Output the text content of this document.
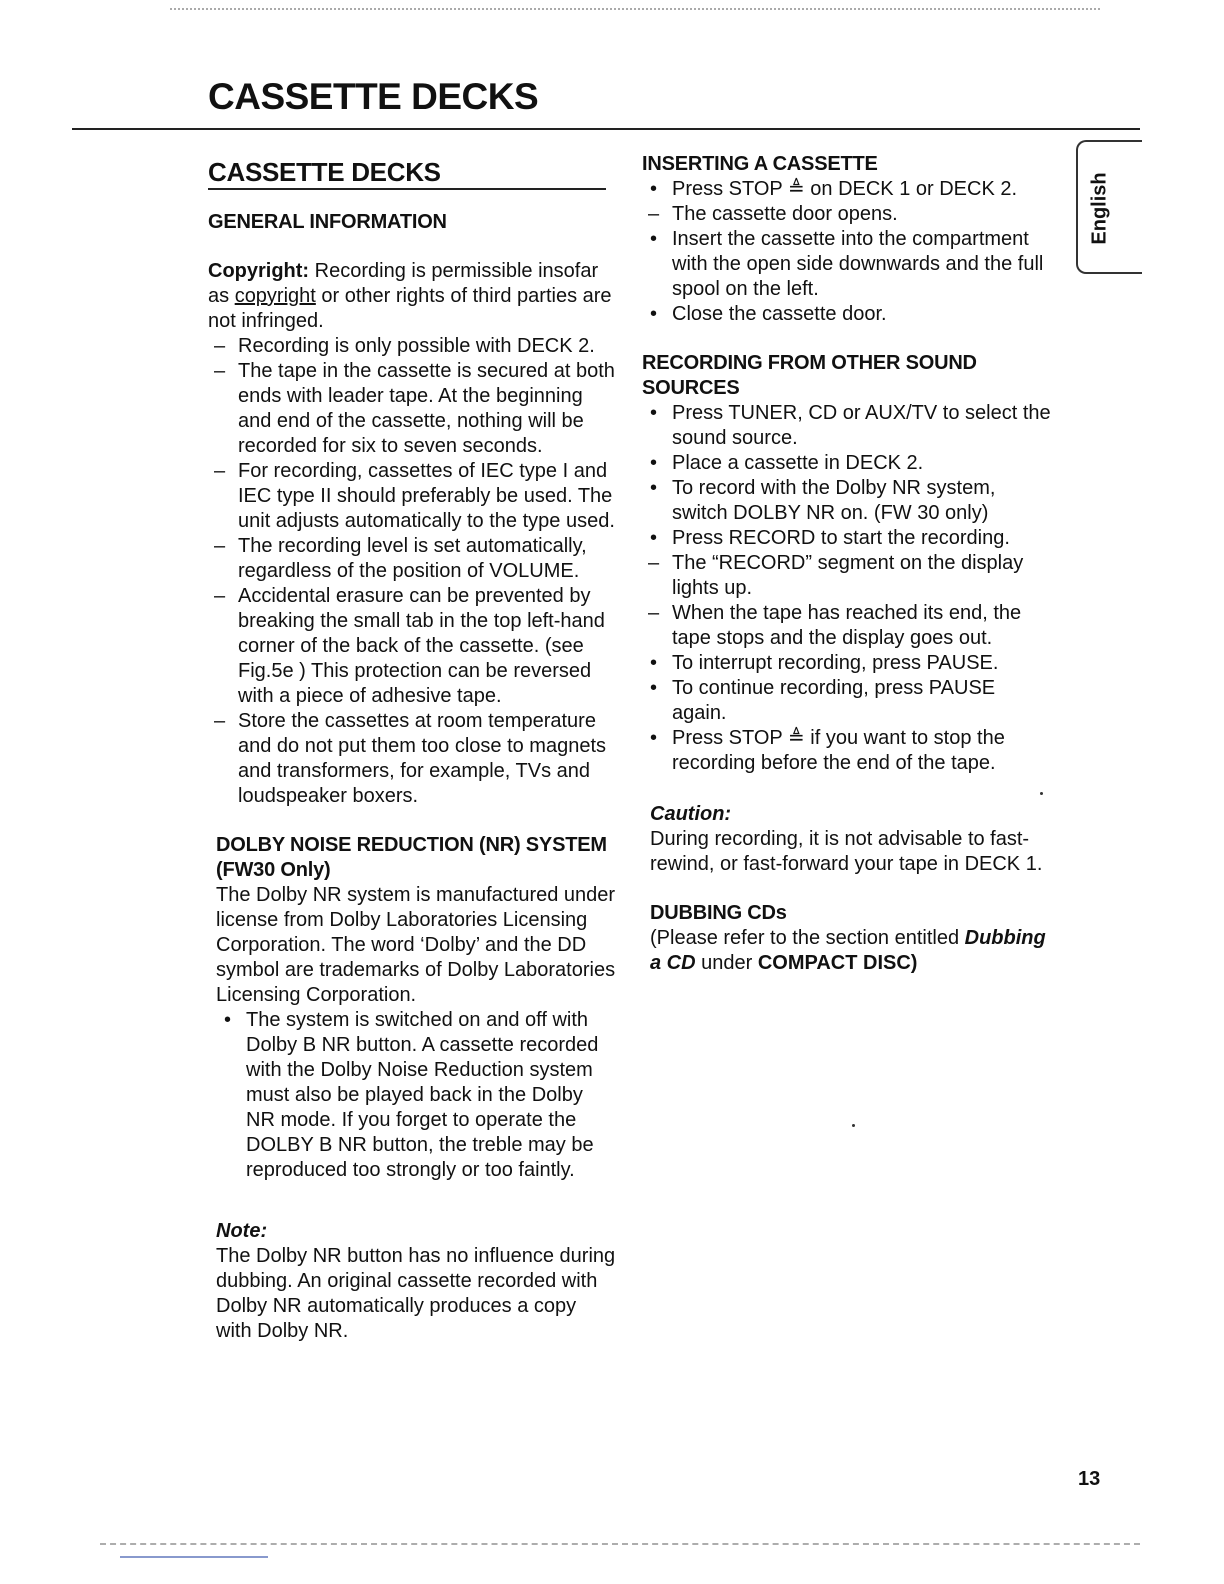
CASSETTE DECKS
English
CASSETTE DECKS
GENERAL INFORMATION

Copyright: Recording is permissible insofar as copyright or other rights of third parties are not infringed.

– Recording is only possible with DECK 2.
– The tape in the cassette is secured at both ends with leader tape. At the beginning and end of the cassette, nothing will be recorded for six to seven seconds.
– For recording, cassettes of IEC type I and IEC type II should preferably be used. The unit adjusts automatically to the type used.
– The recording level is set automatically, regardless of the position of VOLUME.
– Accidental erasure can be prevented by breaking the small tab in the top left-hand corner of the back of the cassette. (see Fig.5e ) This protection can be reversed with a piece of adhesive tape.
– Store the cassettes at room temperature and do not put them too close to magnets and transformers, for example, TVs and loudspeaker boxers.
DOLBY NOISE REDUCTION (NR) SYSTEM
(FW30 Only)

The Dolby NR system is manufactured under license from Dolby Laboratories Licensing Corporation. The word ‘Dolby’ and the DD symbol are trademarks of Dolby Laboratories Licensing Corporation.

• The system is switched on and off with Dolby B NR button. A cassette recorded with the Dolby Noise Reduction system must also be played back in the Dolby NR mode. If you forget to operate the DOLBY B NR button, the treble may be reproduced too strongly or too faintly.

Note:

The Dolby NR button has no influence during dubbing. An original cassette recorded with Dolby NR automatically produces a copy with Dolby NR.

INSERTING A CASSETTE
• Press STOP ≜ on DECK 1 or DECK 2.
– The cassette door opens.
• Insert the cassette into the compartment with the open side downwards and the full spool on the left.
• Close the cassette door.
RECORDING FROM OTHER SOUND SOURCES
• Press TUNER, CD or AUX/TV to select the sound source.
• Place a cassette in DECK 2.
• To record with the Dolby NR system, switch DOLBY NR on. (FW 30 only)
• Press RECORD to start the recording.
– The “RECORD” segment on the display lights up.
– When the tape has reached its end, the tape stops and the display goes out.
• To interrupt recording, press PAUSE.
• To continue recording, press PAUSE again.
• Press STOP ≜ if you want to stop the recording before the end of the tape.

Caution:

During recording, it is not advisable to fast-rewind, or fast-forward your tape in DECK 1.

DUBBING CDs

(Please refer to the section entitled Dubbing a CD under COMPACT DISC)

13
